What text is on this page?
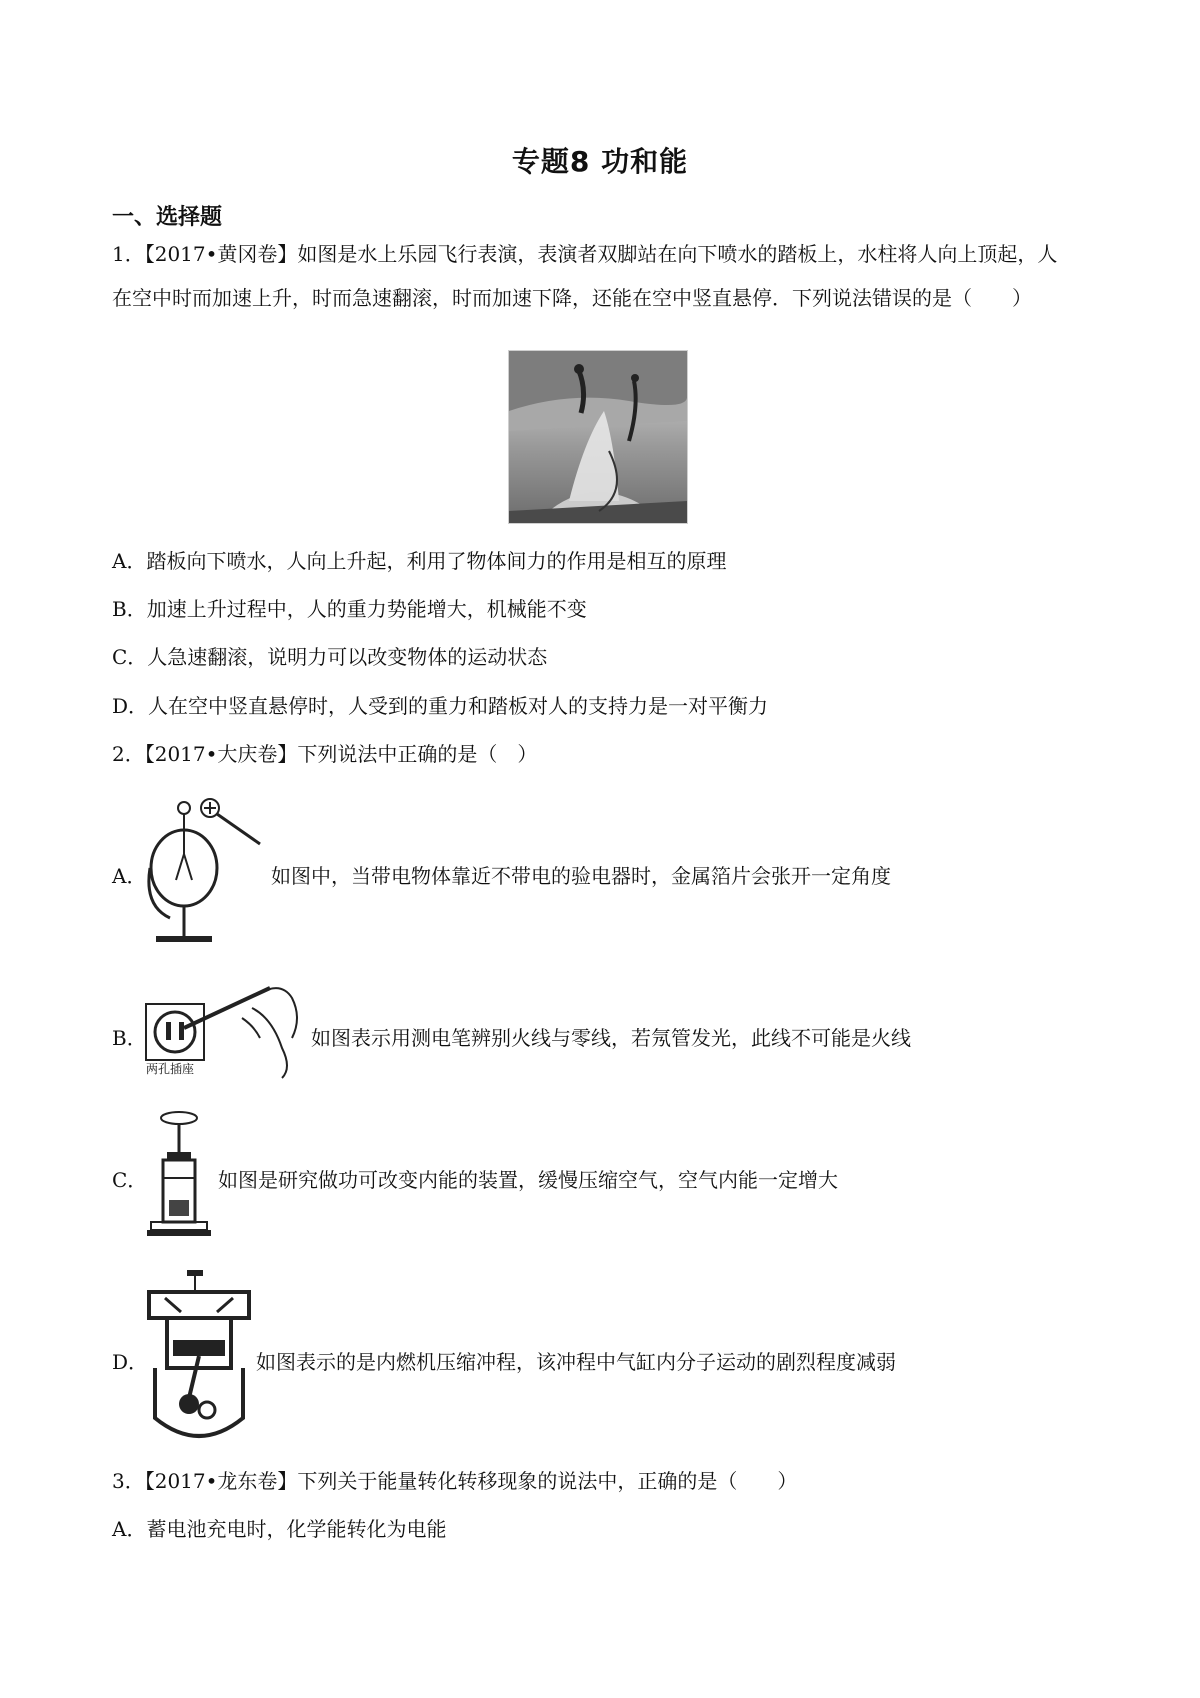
专题8 功和能
一、选择题
1．【2017•黄冈卷】如图是水上乐园飞行表演，表演者双脚站在向下喷水的踏板上，水柱将人向上顶起，人
在空中时而加速上升，时而急速翻滚，时而加速下降，还能在空中竖直悬停．下列说法错误的是（　　）
A．踏板向下喷水，人向上升起，利用了物体间力的作用是相互的原理
B．加速上升过程中，人的重力势能增大，机械能不变
C．人急速翻滚，说明力可以改变物体的运动状态
D．人在空中竖直悬停时，人受到的重力和踏板对人的支持力是一对平衡力
2．【2017•大庆卷】下列说法中正确的是（　）
A．	如图中，当带电物体靠近不带电的验电器时，金属箔片会张开一定角度
B．
两孔插座
如图表示用测电笔辨别火线与零线，若氖管发光，此线不可能是火线
C．	如图是研究做功可改变内能的装置，缓慢压缩空气，空气内能一定增大
D．	如图表示的是内燃机压缩冲程，该冲程中气缸内分子运动的剧烈程度减弱
3．【2017•龙东卷】下列关于能量转化转移现象的说法中，正确的是（　　）
A．蓄电池充电时，化学能转化为电能
